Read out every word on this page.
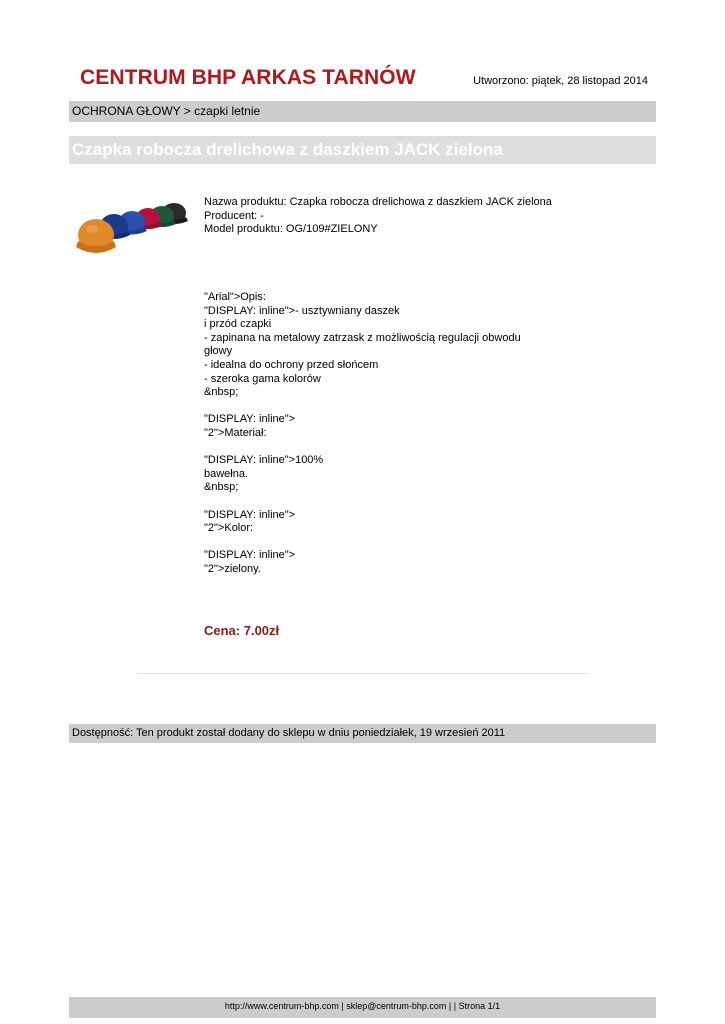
CENTRUM BHP ARKAS TARNÓW	Utworzono: piątek, 28 listopad 2014
OCHRONA GŁOWY > czapki letnie
Czapka robocza drelichowa z daszkiem JACK zielona
Nazwa produktu: Czapka robocza drelichowa z daszkiem JACK zielona
Producent: -
Model produktu: OG/109#ZIELONY
"Arial">Opis:
"DISPLAY: inline">- usztywniany daszek
i przód czapki
- zapinana na metalowy zatrzask z możliwością regulacji obwodu
głowy
- idealna do ochrony przed słońcem
- szeroka gama kolorów
&nbsp;

"DISPLAY: inline">
"2">Materiał:

"DISPLAY: inline">100%
bawełna.
&nbsp;

"DISPLAY: inline">
"2">Kolor:

"DISPLAY: inline">
"2">zielony.
Cena: 7.00zł
Dostępność: Ten produkt został dodany do sklepu w dniu poniedziałek, 19 wrzesień 2011
http://www.centrum-bhp.com | sklep@centrum-bhp.com | | Strona 1/1
